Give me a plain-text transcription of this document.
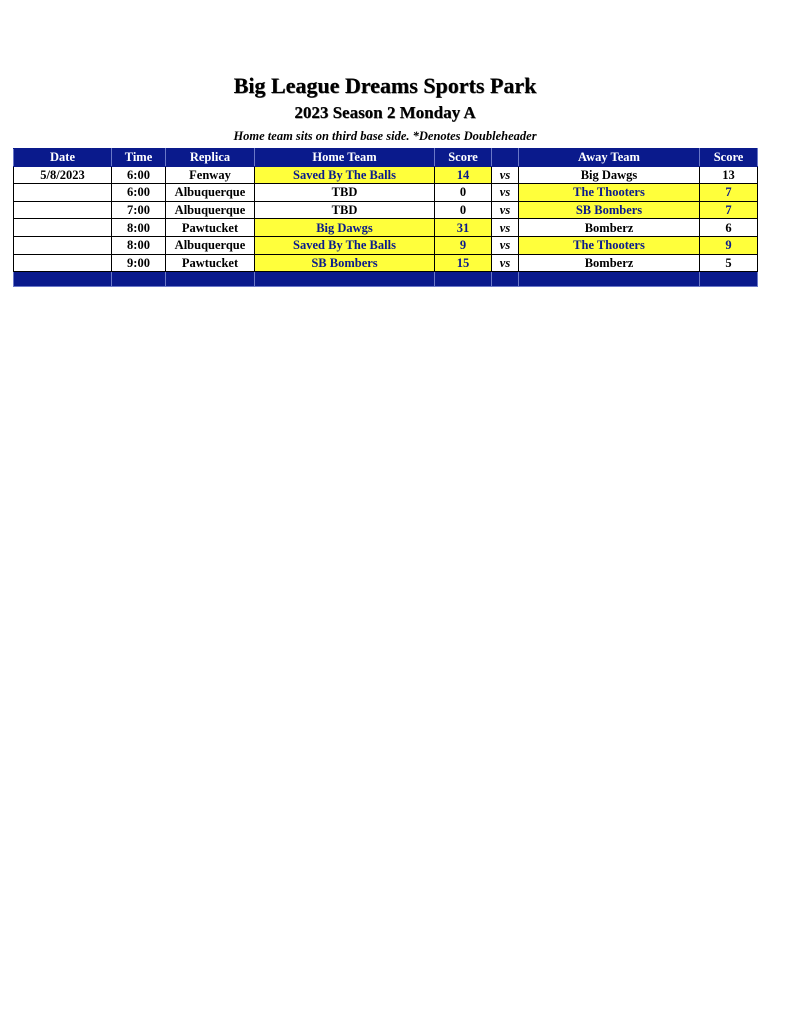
Big League Dreams Sports Park
2023 Season 2 Monday A
Home team sits on third base side. *Denotes Doubleheader
Date	Time	Replica	Home Team	Score		Away Team	Score
5/8/2023	6:00	Fenway	Saved By The Balls	14	vs	Big Dawgs	13
	6:00	Albuquerque	TBD	0	vs	The Thooters	7
	7:00	Albuquerque	TBD	0	vs	SB Bombers	7
	8:00	Pawtucket	Big Dawgs	31	vs	Bomberz	6
	8:00	Albuquerque	Saved By The Balls	9	vs	The Thooters	9
	9:00	Pawtucket	SB Bombers	15	vs	Bomberz	5
